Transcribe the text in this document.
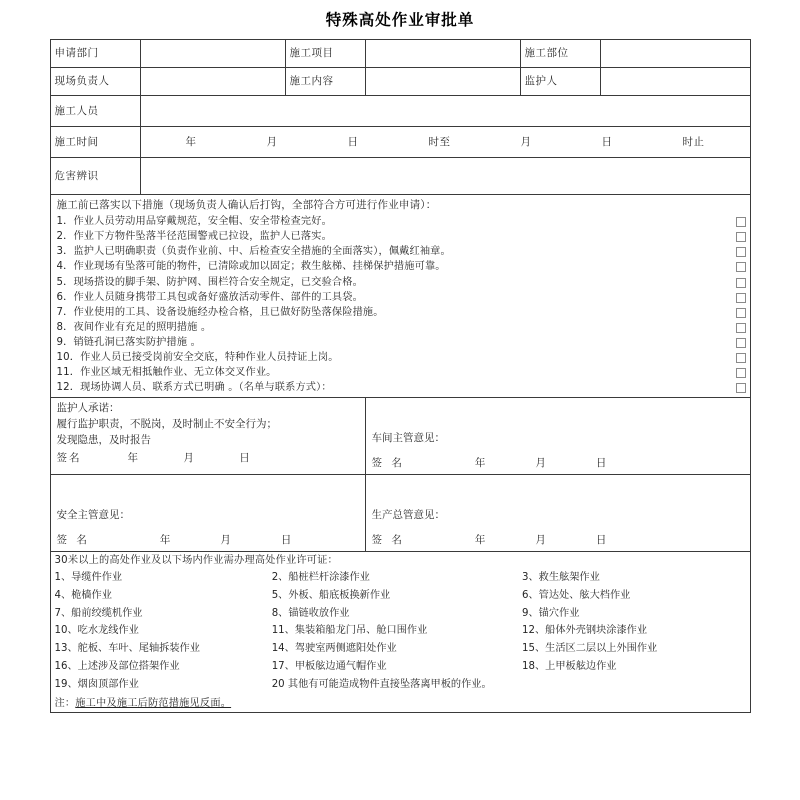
特殊高处作业审批单
申请部门		施工项目		施工部位	
现场负责人		施工内容		监护人	
施工人员					
施工时间	年	月	日	时至	月	日	时止

危害辨识					

施工前已落实以下措施（现场负责人确认后打钩，全部符合方可进行作业申请）：
1．作业人员劳动用品穿戴规范，安全帽、安全带检查完好。
2．作业下方物件坠落半径范围警戒已拉设，监护人已落实。
3．监护人已明确职责（负责作业前、中、后检查安全措施的全面落实），佩戴红袖章。
4．作业现场有坠落可能的物件，已清除或加以固定；救生舷梯、挂梯保护措施可靠。
5．现场搭设的脚手架、防护网、围栏符合安全规定，已交验合格。
6．作业人员随身携带工具包或备好盛放活动零件、部件的工具袋。
7．作业使用的工具、设备设施经办检合格，且已做好防坠落保险措施。
8．夜间作业有充足的照明措施 。
9．销链孔洞已落实防护措施 。
10．作业人员已接受岗前安全交底，特种作业人员持证上岗。
11．作业区域无相抵触作业、无立体交叉作业。
12．现场协调人员、联系方式已明确 。（名单与联系方式）：

监护人承诺：
履行监护职责，不脱岗，及时制止不安全行为；
发现隐患，及时报告
签名	年	月	日

车间主管意见：
签 名	年	月	日

安全主管意见：
签 名	年	月	日

生产总管意见：
签 名	年	月	日

30米以上的高处作业及以下场内作业需办理高处作业许可证：
1、导缆件作业	2、船桩栏杆涂漆作业	3、救生舷架作业
4、桅樯作业	5、外板、船底板换新作业	6、管达处、舷大档作业
7、船前绞缆机作业	8、锚链收放作业	9、锚穴作业
10、吃水龙线作业	11、集装箱船龙门吊、舱口围作业	12、船体外壳钢块涂漆作业
13、舵板、车叶、尾轴拆装作业	14、驾驶室两侧遮阳处作业	15、生活区二层以上外围作业
16、上述涉及部位搭架作业	17、甲板舷边通气帽作业	18、上甲板舷边作业
19、烟囱顶部作业	20 其他有可能造成物件直接坠落离甲板的作业。
注：施工中及施工后防范措施见反面。
